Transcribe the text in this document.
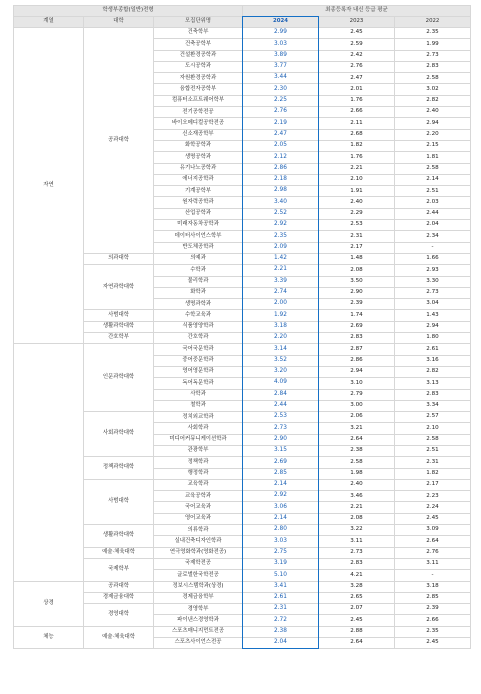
학생부종합(일반)전형			최종등록자 내신 등급 평균		
계열	대학	모집단위명	2024	2023	2022
자연	공과대학	건축학부	2.99	2.45	2.35
		건축공학부	3.03	2.59	1.99
		건설환경공학과	3.89	2.42	2.73
		도시공학과	3.77	2.76	2.83
		자원환경공학과	3.44	2.47	2.58
		융합전자공학부	2.30	2.01	3.02
		컴퓨터소프트웨어학부	2.25	1.76	2.82
		전기공학전공	2.76	2.66	2.40
		바이오메디컬공학전공	2.19	2.11	2.94
		신소재공학부	2.47	2.68	2.20
		화학공학과	2.05	1.82	2.15
		생명공학과	2.12	1.76	1.81
		유기나노공학과	2.86	2.21	2.58
		에너지공학과	2.18	2.10	2.14
		기계공학부	2.98	1.91	2.51
		원자력공학과	3.40	2.40	2.03
		산업공학과	2.52	2.29	2.44
		미래자동차공학과	2.92	2.53	2.04
		데이터사이언스학부	2.35	2.31	2.34
		반도체공학과	2.09	2.17	-
	의과대학	의예과	1.42	1.48	1.66
	자연과학대학	수학과	2.21	2.08	2.93
		물리학과	3.39	3.50	3.30
		화학과	2.74	2.90	2.73
		생명과학과	2.00	2.39	3.04
	사범대학	수학교육과	1.92	1.74	1.43
	생활과학대학	식품영양학과	3.18	2.69	2.94
	간호학부	간호학과	2.20	2.83	1.80
	인문과학대학	국어국문학과	3.14	2.87	2.61
		중어중문학과	3.52	2.86	3.16
		영어영문학과	3.20	2.94	2.82
		독어독문학과	4.09	3.10	3.13
		사학과	2.84	2.79	2.83
		철학과	2.44	3.00	3.34
	사회과학대학	정치외교학과	2.53	2.06	2.57
		사회학과	2.73	3.21	2.10
		미디어커뮤니케이션학과	2.90	2.64	2.58
		관광학부	3.15	2.38	2.51
	정책과학대학	정책학과	2.69	2.58	2.31
		행정학과	2.85	1.98	1.82
	사범대학	교육학과	2.14	2.40	2.17
		교육공학과	2.92	3.46	2.23
		국어교육과	3.06	2.21	2.24
		영어교육과	2.14	2.08	2.45
	생활과학대학	의류학과	2.80	3.22	3.09
		실내건축디자인학과	3.03	3.11	2.64
	예술·체육대학	연극영화학과(영화전공)	2.75	2.73	2.76
	국제학부	국제학전공	3.19	2.83	3.11
		글로벌한국학전공	5.10	4.21	-
상경	공과대학	정보시스템학과(상경)	3.41	3.28	3.18
	경제금융대학	경제금융학부	2.61	2.65	2.85
	경영대학	경영학부	2.31	2.07	2.39
		파이낸스경영학과	2.72	2.45	2.66
체능	예술·체육대학	스포츠매니지먼트전공	2.38	2.88	2.35
		스포츠사이언스전공	2.04	2.64	2.45
